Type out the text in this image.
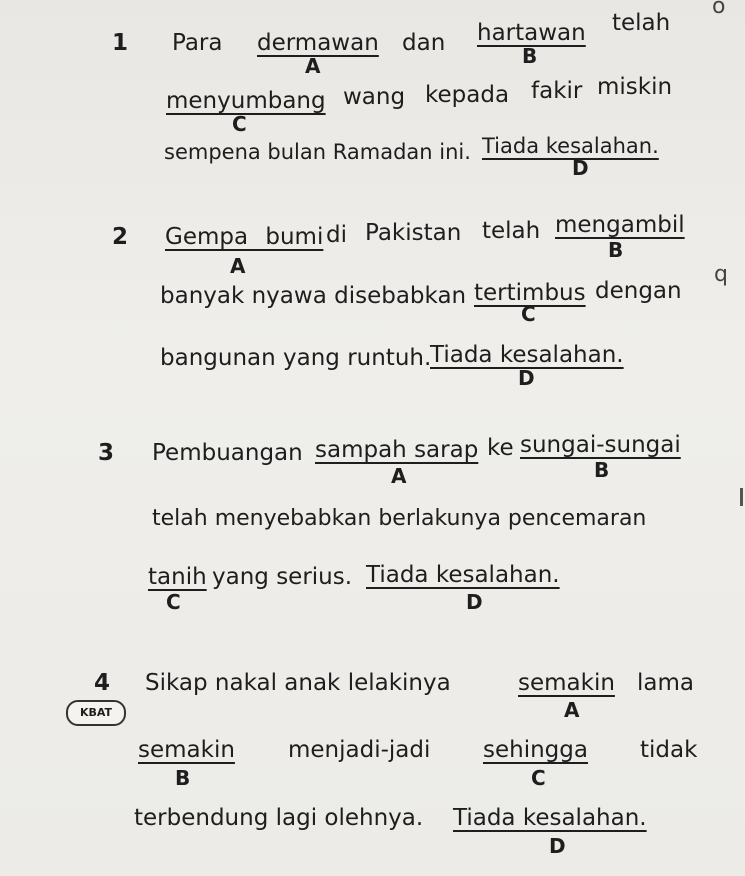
1 Para dermawan
A
dan hartawan
B
telah
o
menyumbang
C
wang kepada fakir miskin
sempena bulan Ramadan ini. Tiada kesalahan.
D
2 Gempa bumi
A
di Pakistan telah mengambil
B
banyak nyawa disebabkan tertimbus
C
dengan
q
bangunan yang runtuh.
Tiada kesalahan.
D
3 Pembuangan sampah sarap
A
ke sungai-sungai
B
telah menyebabkan berlakunya pencemaran
tanih
C
yang serius. Tiada kesalahan.
D
4
KBAT
Sikap nakal anak lelakinya	semakin
A
lama
semakin
B
menjadi-jadi sehingga
C
tidak
terbendung lagi olehnya. Tiada kesalahan.
D
